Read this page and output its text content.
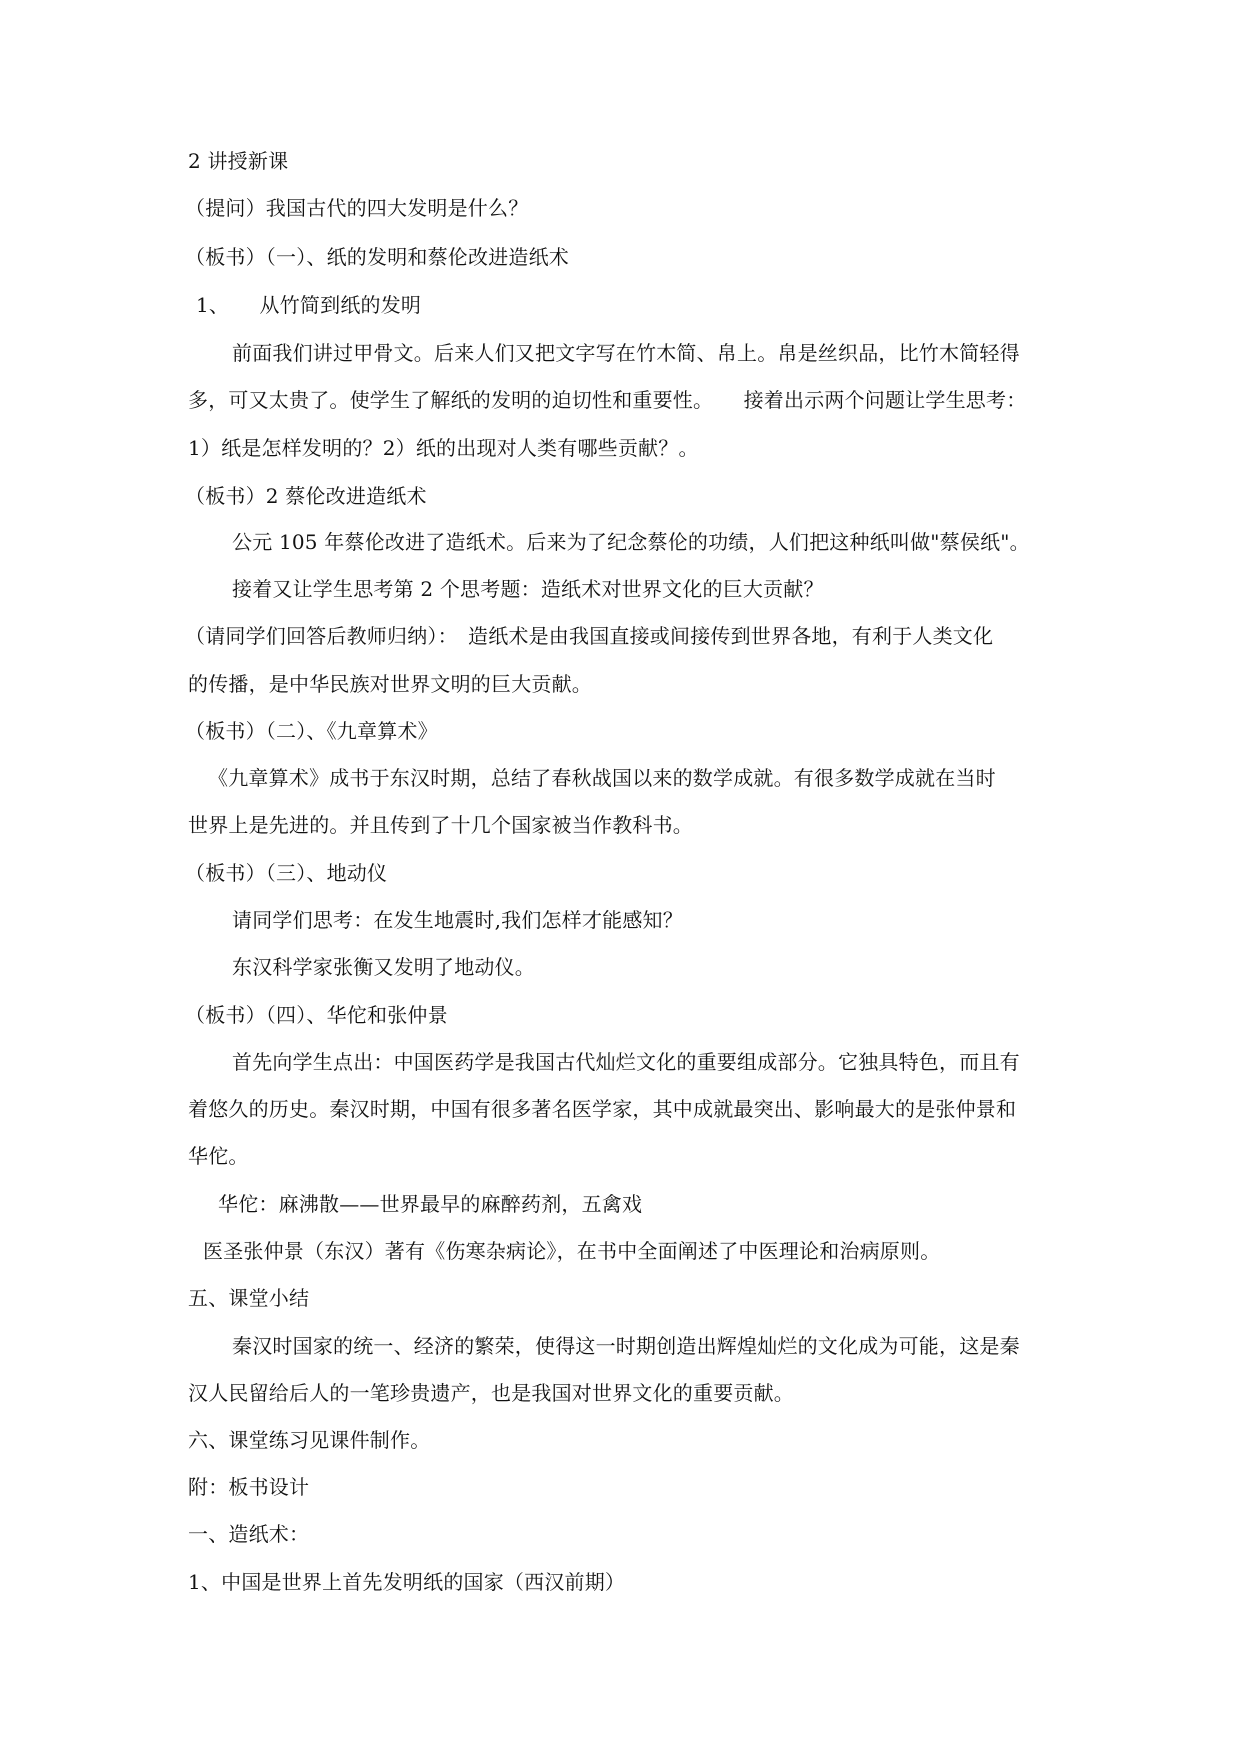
2 讲授新课
（提问）我国古代的四大发明是什么？
（板书）（一）、纸的发明和蔡伦改进造纸术
1、　　从竹简到纸的发明
前面我们讲过甲骨文。后来人们又把文字写在竹木简、帛上。帛是丝织品，比竹木简轻得
多，可又太贵了。使学生了解纸的发明的迫切性和重要性。　　接着出示两个问题让学生思考：
1）纸是怎样发明的？2）纸的出现对人类有哪些贡献？。
（板书）2 蔡伦改进造纸术
公元 105 年蔡伦改进了造纸术。后来为了纪念蔡伦的功绩，人们把这种纸叫做"蔡侯纸"。
接着又让学生思考第 2 个思考题：造纸术对世界文化的巨大贡献？
（请同学们回答后教师归纳）：　造纸术是由我国直接或间接传到世界各地，有利于人类文化
的传播，是中华民族对世界文明的巨大贡献。
（板书）（二）、《九章算术》
《九章算术》成书于东汉时期，总结了春秋战国以来的数学成就。有很多数学成就在当时
世界上是先进的。并且传到了十几个国家被当作教科书。
（板书）（三）、地动仪
请同学们思考：在发生地震时,我们怎样才能感知？
东汉科学家张衡又发明了地动仪。
（板书）（四）、华佗和张仲景
首先向学生点出：中国医药学是我国古代灿烂文化的重要组成部分。它独具特色，而且有
着悠久的历史。秦汉时期，中国有很多著名医学家，其中成就最突出、影响最大的是张仲景和
华佗。
华佗：麻沸散——世界最早的麻醉药剂，五禽戏
医圣张仲景（东汉）著有《伤寒杂病论》，在书中全面阐述了中医理论和治病原则。
五、课堂小结
秦汉时国家的统一、经济的繁荣，使得这一时期创造出辉煌灿烂的文化成为可能，这是秦
汉人民留给后人的一笔珍贵遗产，也是我国对世界文化的重要贡献。
六、课堂练习见课件制作。
附：板书设计
一、造纸术：
1、中国是世界上首先发明纸的国家（西汉前期）
